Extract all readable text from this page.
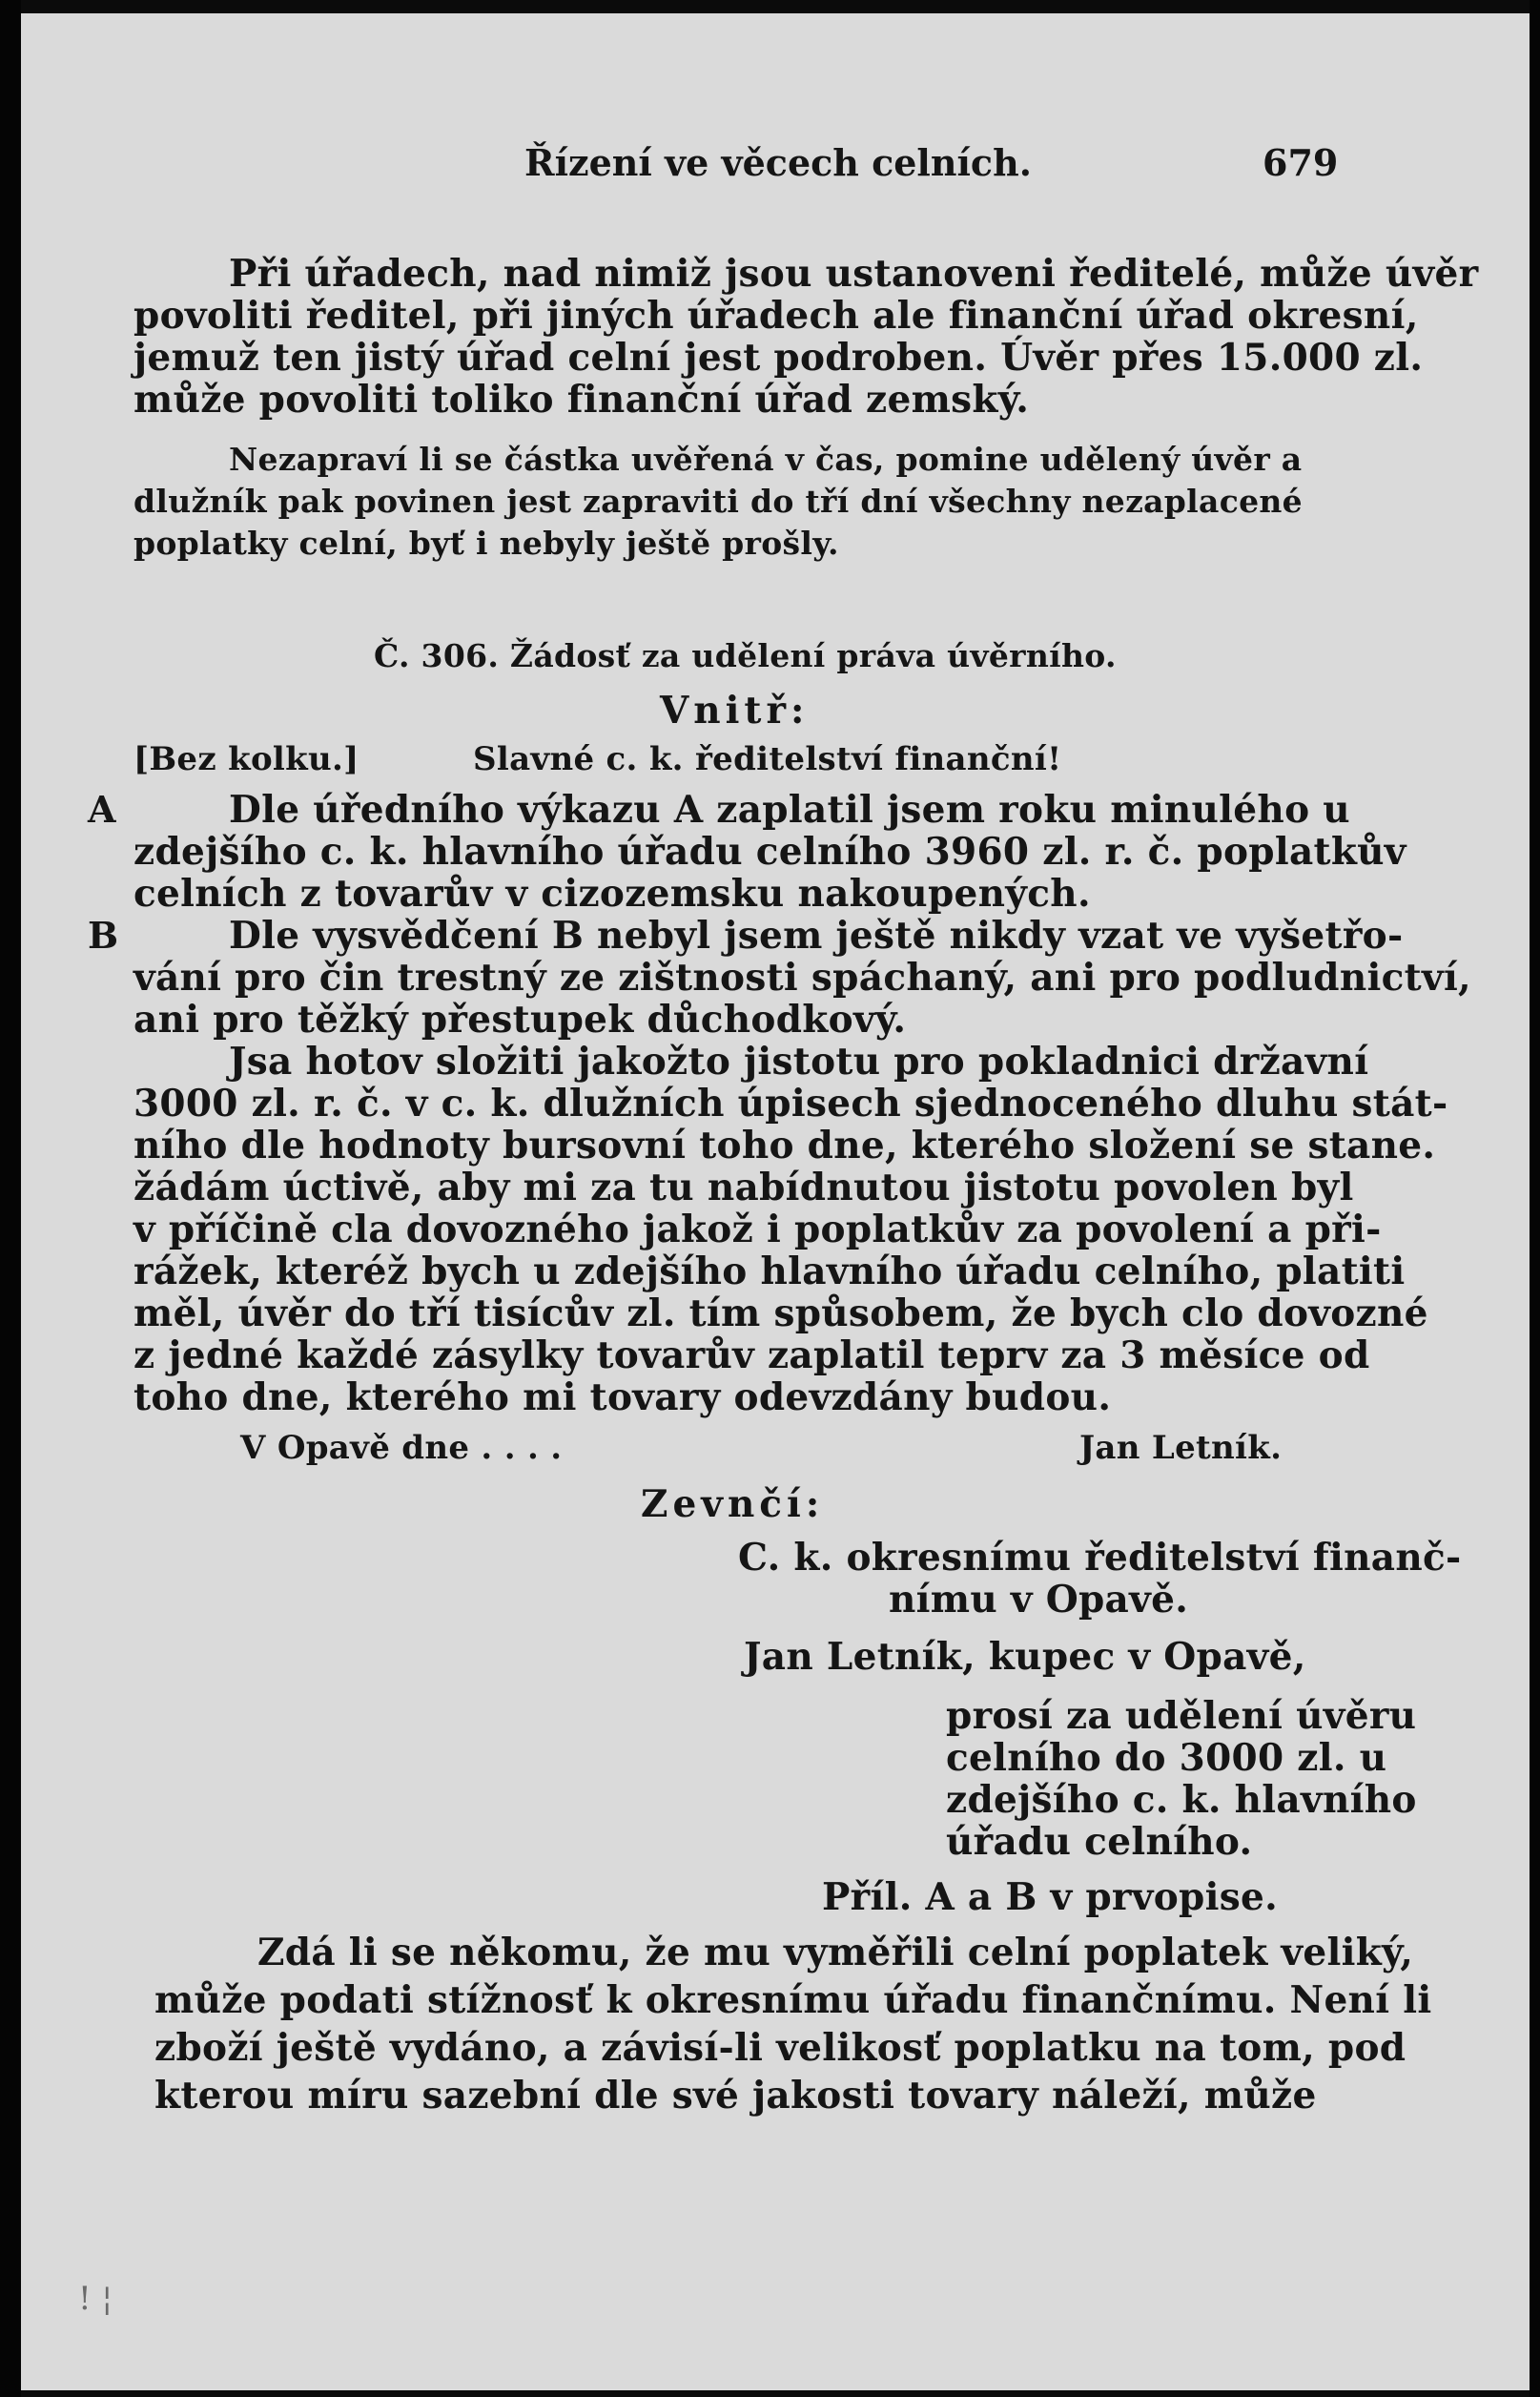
Řízení ve věcech celních.	679
Při úřadech, nad nimiž jsou ustanoveni ředitelé, může úvěr
povoliti ředitel, při jiných úřadech ale finanční úřad okresní,
jemuž ten jistý úřad celní jest podroben. Úvěr přes 15.000 zl.
může povoliti toliko finanční úřad zemský.
Nezapraví li se částka uvěřená v čas, pomine udělený úvěr a
dlužník pak povinen jest zapraviti do tří dní všechny nezaplacené
poplatky celní, byť i nebyly ještě prošly.
Č. 306. Žádosť za udělení práva úvěrního.
Vnitř:
[Bez kolku.]	Slavné c. k. ředitelství finanční!
A
B
Dle úředního výkazu A zaplatil jsem roku minulého u
zdejšího c. k. hlavního úřadu celního 3960 zl. r. č. poplatkův
celních z tovarův v cizozemsku nakoupených.
Dle vysvědčení B nebyl jsem ještě nikdy vzat ve vyšetřo-
vání pro čin trestný ze zištnosti spáchaný, ani pro podludnictví,
ani pro těžký přestupek důchodkový.
Jsa hotov složiti jakožto jistotu pro pokladnici državní
3000 zl. r. č. v c. k. dlužních úpisech sjednoceného dluhu stát-
ního dle hodnoty bursovní toho dne, kterého složení se stane.
žádám úctivě, aby mi za tu nabídnutou jistotu povolen byl
v příčině cla dovozného jakož i poplatkův za povolení a při-
rážek, kteréž bych u zdejšího hlavního úřadu celního, platiti
měl, úvěr do tří tisícův zl. tím spůsobem, že bych clo dovozné
z jedné každé zásylky tovarův zaplatil teprv za 3 měsíce od
toho dne, kterého mi tovary odevzdány budou.
V Opavě dne . . . .	Jan Letník.
Zevnčí:
C. k. okresnímu ředitelství finanč-
nímu v Opavě.
Jan Letník, kupec v Opavě,
prosí za udělení úvěru
celního do 3000 zl. u
zdejšího c. k. hlavního
úřadu celního.
Příl. A a B v prvopise.
Zdá li se někomu, že mu vyměřili celní poplatek veliký,
může podati stížnosť k okresnímu úřadu finančnímu. Není li
zboží ještě vydáno, a závisí-li velikosť poplatku na tom, pod
kterou míru sazební dle své jakosti tovary náleží, může
! ¦
